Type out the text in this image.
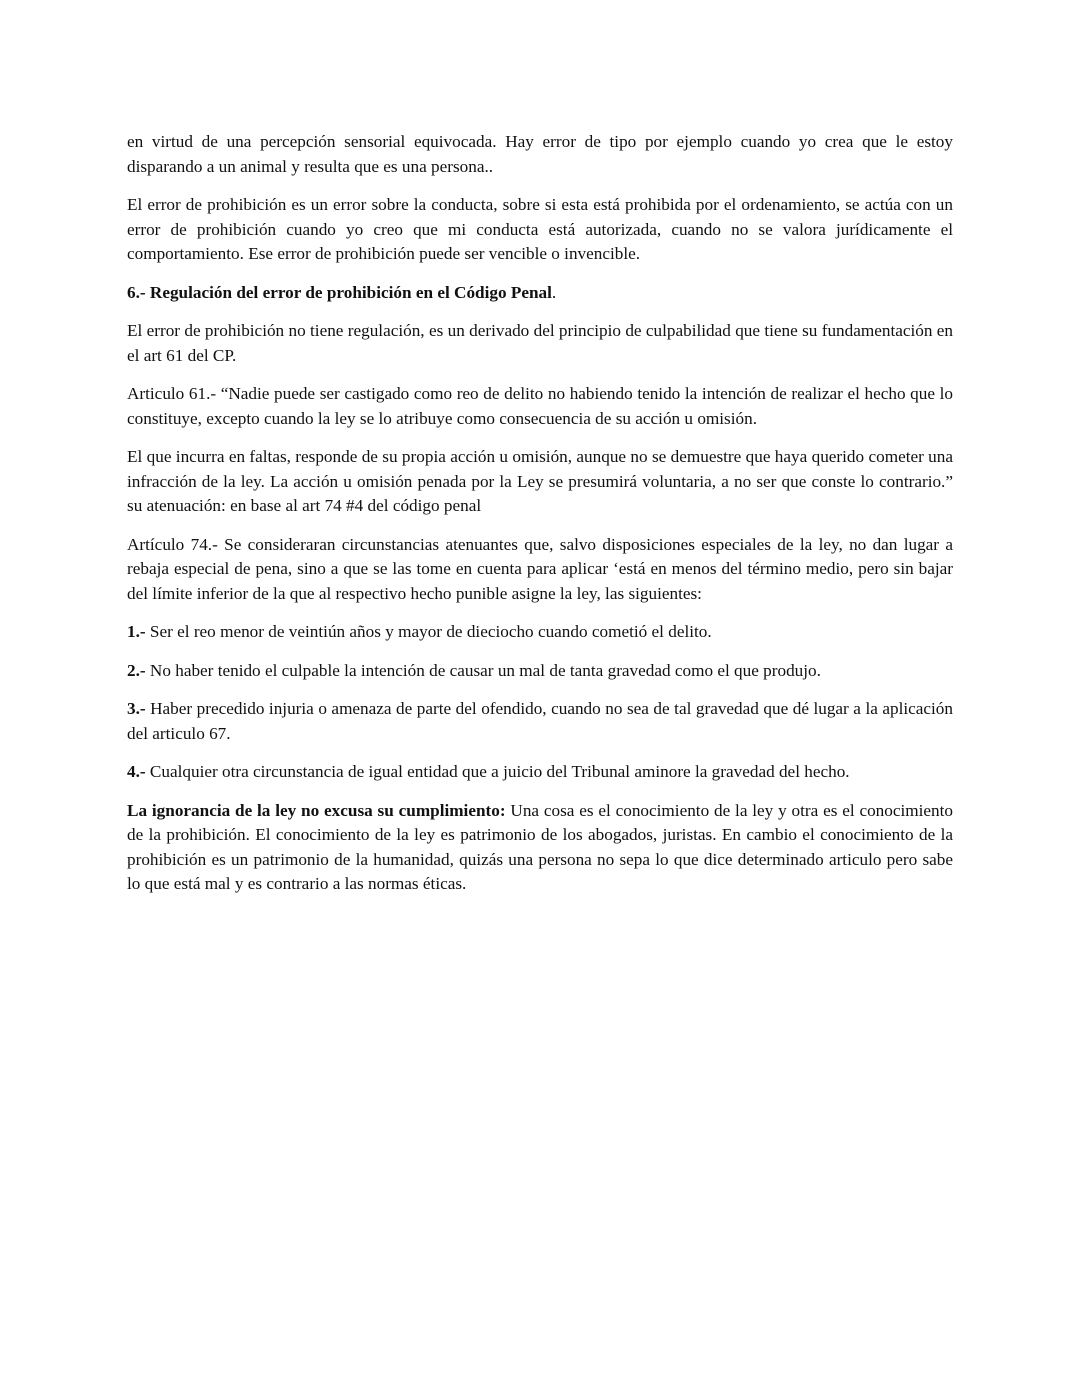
en virtud de una percepción sensorial equivocada. Hay error de tipo por ejemplo cuando yo crea que le estoy disparando a un animal y resulta que es una persona..

El error de prohibición es un error sobre la conducta, sobre si esta está prohibida por el ordenamiento, se actúa con un error de prohibición cuando yo creo que mi conducta está autorizada, cuando no se valora jurídicamente el comportamiento. Ese error de prohibición puede ser vencible o invencible.

6.- Regulación del error de prohibición en el Código Penal.

El error de prohibición no tiene regulación, es un derivado del principio de culpabilidad que tiene su fundamentación en el art 61 del CP.

Articulo 61.- “Nadie puede ser castigado como reo de delito no habiendo tenido la intención de realizar el hecho que lo constituye, excepto cuando la ley se lo atribuye como consecuencia de su acción u omisión.

El que incurra en faltas, responde de su propia acción u omisión, aunque no se demuestre que haya querido cometer una infracción de la ley. La acción u omisión penada por la Ley se presumirá voluntaria, a no ser que conste lo contrario.” su atenuación: en base al art 74 #4 del código penal

Artículo 74.- Se consideraran circunstancias atenuantes que, salvo disposiciones especiales de la ley, no dan lugar a rebaja especial de pena, sino a que se las tome en cuenta para aplicar ‘está en menos del término medio, pero sin bajar del límite inferior de la que al respectivo hecho punible asigne la ley, las siguientes:

1.- Ser el reo menor de veintiún años y mayor de dieciocho cuando cometió el delito.

2.- No haber tenido el culpable la intención de causar un mal de tanta gravedad como el que produjo.

3.- Haber precedido injuria o amenaza de parte del ofendido, cuando no sea de tal gravedad que dé lugar a la aplicación del articulo 67.

4.- Cualquier otra circunstancia de igual entidad que a juicio del Tribunal aminore la gravedad del hecho.

La ignorancia de la ley no excusa su cumplimiento: Una cosa es el conocimiento de la ley y otra es el conocimiento de la prohibición. El conocimiento de la ley es patrimonio de los abogados, juristas. En cambio el conocimiento de la prohibición es un patrimonio de la humanidad, quizás una persona no sepa lo que dice determinado articulo pero sabe lo que está mal y es contrario a las normas éticas.
